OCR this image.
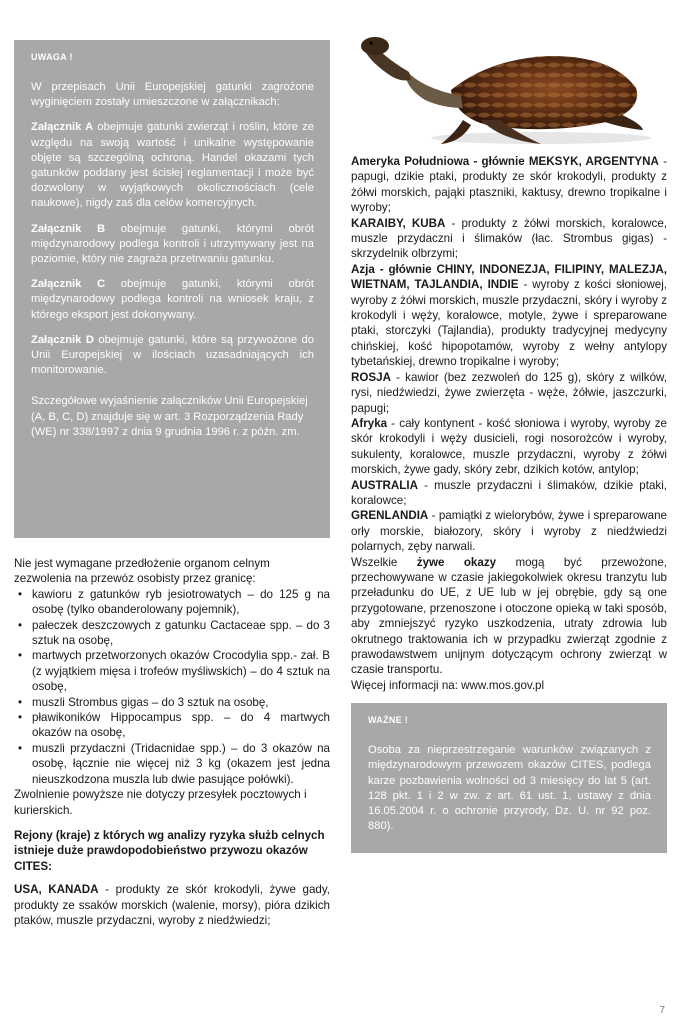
UWAGA !

W przepisach Unii Europejskiej gatunki zagrożone wyginięciem zostały umieszczone w załącznikach:

Załącznik A obejmuje gatunki zwierząt i roślin, które ze względu na swoją wartość i unikalne występowanie objęte są szczególną ochroną. Handel okazami tych gatunków poddany jest ścisłej reglamentacji i może być dozwolony w wyjątkowych okolicznościach (cele naukowe), nigdy zaś dla celów komercyjnych.

Załącznik B obejmuje gatunki, którymi obrót międzynarodowy podlega kontroli i utrzymywany jest na poziomie, który nie zagraża przetrwaniu gatunku.

Załącznik C obejmuje gatunki, którymi obrót międzynarodowy podlega kontroli na wniosek kraju, z którego eksport jest dokonywany.

Załącznik D obejmuje gatunki, które są przywożone do Unii Europejskiej w ilościach uzasadniających ich monitorowanie.

Szczegółowe wyjaśnienie załączników Unii Europejskiej (A, B, C, D) znajduje się w art. 3 Rozporządzenia Rady (WE) nr 338/1997 z dnia 9 grudnia 1996 r. z późn. zm.

Nie jest wymagane przedłożenie organom celnym zezwolenia na przewóz osobisty przez granicę:

• kawioru z gatunków ryb jesiotrowatych – do 125 g na osobę (tylko obanderolowany pojemnik),
• pałeczek deszczowych z gatunku Cactaceae spp. – do 3 sztuk na osobę,
• martwych przetworzonych okazów Crocodylia spp.- zał. B (z wyjątkiem mięsa i trofeów myśliwskich) – do 4 sztuk na osobę,
• muszli Strombus gigas – do 3 sztuk na osobę,
• pławikoników Hippocampus spp. – do 4 martwych okazów na osobę,
• muszli przydaczni (Tridacnidae spp.) – do 3 okazów na osobę, łącznie nie więcej niż 3 kg (okazem jest jedna nieuszkodzona muszla lub dwie pasujące połówki).

Zwolnienie powyższe nie dotyczy przesyłek pocztowych i kurierskich.

Rejony (kraje) z których wg analizy ryzyka służb celnych istnieje duże prawdopodobieństwo przywozu okazów CITES:

USA, KANADA - produkty ze skór krokodyli, żywe gady, produkty ze ssaków morskich (walenie, morsy), pióra dzikich ptaków, muszle przydaczni, wyroby z niedźwiedzi;

Ameryka Południowa - głównie MEKSYK, ARGENTYNA - papugi, dzikie ptaki, produkty ze skór krokodyli, produkty z żółwi morskich, pająki ptaszniki, kaktusy, drewno tropikalne i wyroby;

KARAIBY, KUBA - produkty z żółwi morskich, koralowce, muszle przydaczni i ślimaków (łac. Strombus gigas) - skrzydelnik olbrzymi;

Azja - głównie CHINY, INDONEZJA, FILIPINY, MALEZJA, WIETNAM, TAJLANDIA, INDIE - wyroby z kości słoniowej, wyroby z żółwi morskich, muszle przydaczni, skóry i wyroby z krokodyli i węży, koralowce, motyle, żywe i spreparowane ptaki, storczyki (Tajlandia), produkty tradycyjnej medycyny chińskiej, kość hipopotamów, wyroby z wełny antylopy tybetańskiej, drewno tropikalne i wyroby;

ROSJA - kawior (bez zezwoleń do 125 g), skóry z wilków, rysi, niedźwiedzi, żywe zwierzęta - węże, żółwie, jaszczurki, papugi;

Afryka - cały kontynent - kość słoniowa i wyroby, wyroby ze skór krokodyli i węży dusicieli, rogi nosorożców i wyroby, sukulenty, koralowce, muszle przydaczni, wyroby z żółwi morskich, żywe gady, skóry zebr, dzikich kotów, antylop;

AUSTRALIA - muszle przydaczni i ślimaków, dzikie ptaki, koralowce;

GRENLANDIA - pamiątki z wielorybów, żywe i spreparowane orły morskie, białozory, skóry i wyroby z niedźwiedzi polarnych, zęby narwali.

Wszelkie żywe okazy mogą być przewożone, przechowywane w czasie jakiegokolwiek okresu tranzytu lub przeładunku do UE, z UE lub w jej obrębie, gdy są one przygotowane, przenoszone i otoczone opieką w taki sposób, aby zmniejszyć ryzyko uszkodzenia, utraty zdrowia lub okrutnego traktowania ich w przypadku zwierząt zgodnie z prawodawstwem unijnym dotyczącym ochrony zwierząt w czasie transportu.

Więcej informacji na: www.mos.gov.pl

WAŻNE !

Osoba za nieprzestrzeganie warunków związanych z międzynarodowym przewozem okazów CITES, podlega karze pozbawienia wolności od 3 miesięcy do lat 5 (art. 128 pkt. 1 i 2 w zw. z art. 61 ust. 1, ustawy z dnia 16.05.2004 r. o ochronie przyrody, Dz. U. nr 92 poz. 880).

7
